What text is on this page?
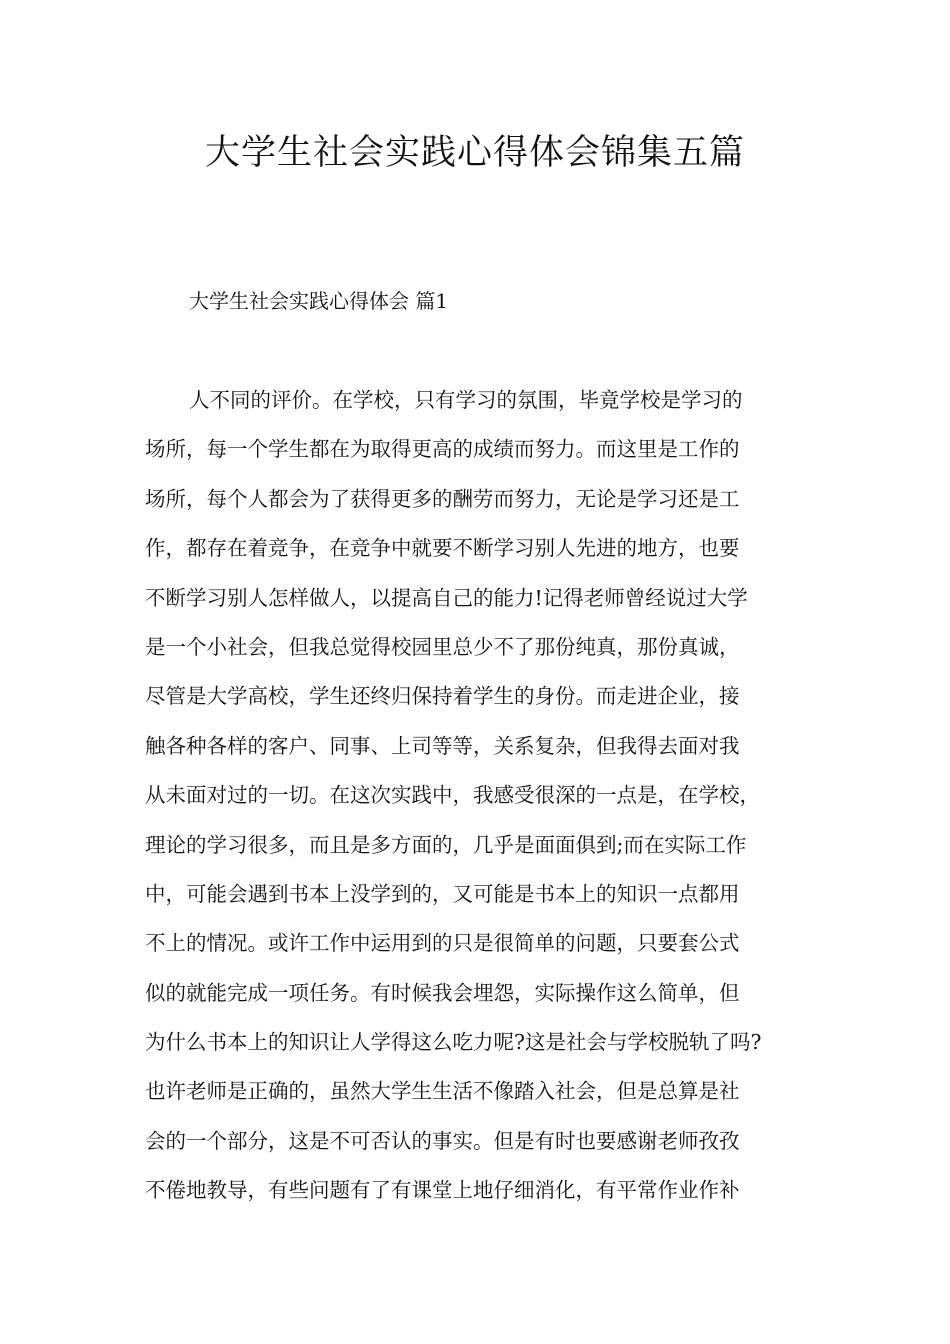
大学生社会实践心得体会锦集五篇
大学生社会实践心得体会 篇1
人不同的评价。在学校，只有学习的氛围，毕竟学校是学习的
场所，每一个学生都在为取得更高的成绩而努力。而这里是工作的
场所，每个人都会为了获得更多的酬劳而努力，无论是学习还是工
作，都存在着竞争，在竞争中就要不断学习别人先进的地方，也要
不断学习别人怎样做人，以提高自己的能力!记得老师曾经说过大学
是一个小社会，但我总觉得校园里总少不了那份纯真，那份真诚，
尽管是大学高校，学生还终归保持着学生的身份。而走进企业，接
触各种各样的客户、同事、上司等等，关系复杂，但我得去面对我
从未面对过的一切。在这次实践中，我感受很深的一点是，在学校，
理论的学习很多，而且是多方面的，几乎是面面俱到;而在实际工作
中，可能会遇到书本上没学到的，又可能是书本上的知识一点都用
不上的情况。或许工作中运用到的只是很简单的问题，只要套公式
似的就能完成一项任务。有时候我会埋怨，实际操作这么简单，但
为什么书本上的知识让人学得这么吃力呢?这是社会与学校脱轨了吗?
也许老师是正确的，虽然大学生生活不像踏入社会，但是总算是社
会的一个部分，这是不可否认的事实。但是有时也要感谢老师孜孜
不倦地教导，有些问题有了有课堂上地仔细消化，有平常作业作补
